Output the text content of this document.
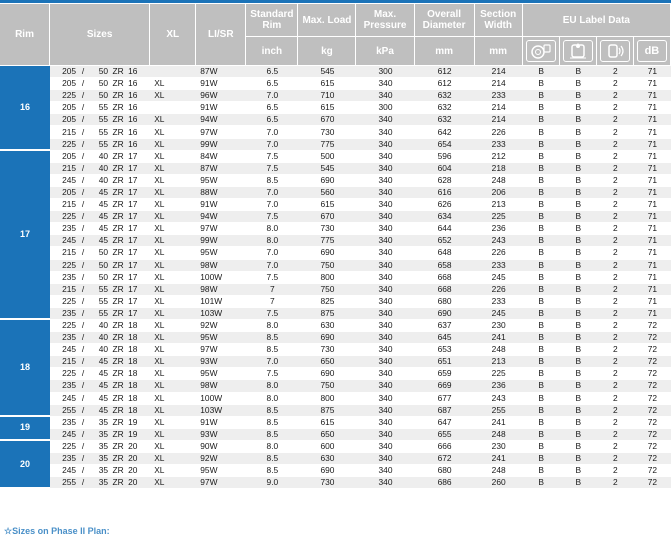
Rim	Sizes	XL	LI/SR	Standard Rim	Max. Load	Max. Pressure	Overall Diameter	Section Width	EU Label Data			
				inch	kg	kPa	mm	mm				dB

16	205 / 50 ZR 16		87W	6.5	545	300	612	214	B	B	2	71
	205 / 50 ZR 16	XL	91W	6.5	615	340	612	214	B	B	2	71
	225 / 50 ZR 16	XL	96W	7.0	710	340	632	233	B	B	2	71
	205 / 55 ZR 16		91W	6.5	615	300	632	214	B	B	2	71
	205 / 55 ZR 16	XL	94W	6.5	670	340	632	214	B	B	2	71
	215 / 55 ZR 16	XL	97W	7.0	730	340	642	226	B	B	2	71
	225 / 55 ZR 16	XL	99W	7.0	775	340	654	233	B	B	2	71
17	205 / 40 ZR 17	XL	84W	7.5	500	340	596	212	B	B	2	71
	215 / 40 ZR 17	XL	87W	7.5	545	340	604	218	B	B	2	71
	245 / 40 ZR 17	XL	95W	8.5	690	340	628	248	B	B	2	71
	205 / 45 ZR 17	XL	88W	7.0	560	340	616	206	B	B	2	71
	215 / 45 ZR 17	XL	91W	7.0	615	340	626	213	B	B	2	71
	225 / 45 ZR 17	XL	94W	7.5	670	340	634	225	B	B	2	71
	235 / 45 ZR 17	XL	97W	8.0	730	340	644	236	B	B	2	71
	245 / 45 ZR 17	XL	99W	8.0	775	340	652	243	B	B	2	71
	215 / 50 ZR 17	XL	95W	7.0	690	340	648	226	B	B	2	71
	225 / 50 ZR 17	XL	98W	7.0	750	340	658	233	B	B	2	71
	235 / 50 ZR 17	XL	100W	7.5	800	340	668	245	B	B	2	71
	215 / 55 ZR 17	XL	98W	7	750	340	668	226	B	B	2	71
	225 / 55 ZR 17	XL	101W	7	825	340	680	233	B	B	2	71
	235 / 55 ZR 17	XL	103W	7.5	875	340	690	245	B	B	2	71
18	225 / 40 ZR 18	XL	92W	8.0	630	340	637	230	B	B	2	72
	235 / 40 ZR 18	XL	95W	8.5	690	340	645	241	B	B	2	72
	245 / 40 ZR 18	XL	97W	8.5	730	340	653	248	B	B	2	72
	215 / 45 ZR 18	XL	93W	7.0	650	340	651	213	B	B	2	72
	225 / 45 ZR 18	XL	95W	7.5	690	340	659	225	B	B	2	72
	235 / 45 ZR 18	XL	98W	8.0	750	340	669	236	B	B	2	72
	245 / 45 ZR 18	XL	100W	8.0	800	340	677	243	B	B	2	72
	255 / 45 ZR 18	XL	103W	8.5	875	340	687	255	B	B	2	72
19	235 / 35 ZR 19	XL	91W	8.5	615	340	647	241	B	B	2	72
	245 / 35 ZR 19	XL	93W	8.5	650	340	655	248	B	B	2	72
20	225 / 35 ZR 20	XL	90W	8.0	600	340	666	230	B	B	2	72
	235 / 35 ZR 20	XL	92W	8.5	630	340	672	241	B	B	2	72
	245 / 35 ZR 20	XL	95W	8.5	690	340	680	248	B	B	2	72
	255 / 35 ZR 20	XL	97W	9.0	730	340	686	260	B	B	2	72
☆Sizes on Phase II Plan:
